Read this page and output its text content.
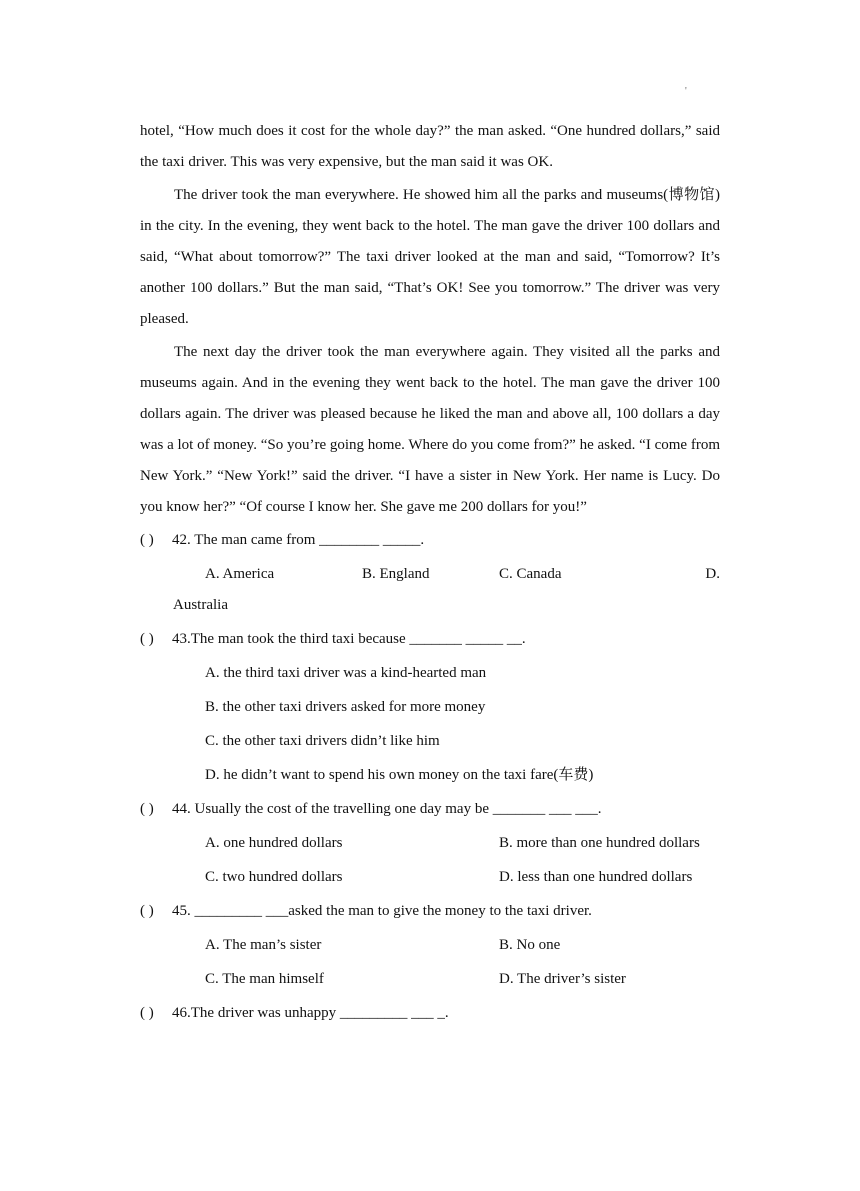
'

hotel, “How much does it cost for the whole day?” the man asked. “One hundred dollars,” said the taxi driver. This was very expensive, but the man said it was OK.

The driver took the man everywhere. He showed him all the parks and museums(博物馆) in the city. In the evening, they went back to the hotel. The man gave the driver 100 dollars and said, “What about tomorrow?” The taxi driver looked at the man and said, “Tomorrow? It’s another 100 dollars.” But the man said, “That’s OK! See you tomorrow.” The driver was very pleased.

The next day the driver took the man everywhere again. They visited all the parks and museums again. And in the evening they went back to the hotel. The man gave the driver 100 dollars again. The driver was pleased because he liked the man and above all, 100 dollars a day was a lot of money. “So you’re going home. Where do you come from?” he asked. “I come from New York.” “New York!” said the driver. “I have a sister in New York. Her name is Lucy. Do you know her?” “Of course I know her. She gave me 200 dollars for you!”

( ) 42. The man came from ________ _____.
A. America	B. England	C. Canada	D.
Australia
( ) 43.The man took the third taxi because _______ _____ __.
A. the third taxi driver was a kind-hearted man
B. the other taxi drivers asked for more money
C. the other taxi drivers didn’t like him
D. he didn’t want to spend his own money on the taxi fare(车费)
( ) 44. Usually the cost of the travelling one day may be _______ ___ ___.
A. one hundred dollars	B. more than one hundred dollars
C. two hundred dollars	D. less than one hundred dollars
( ) 45. _________ ___asked the man to give the money to the taxi driver.
A. The man’s sister	B. No one
C. The man himself	D. The driver’s sister
( ) 46.The driver was unhappy _________ ___ _.
